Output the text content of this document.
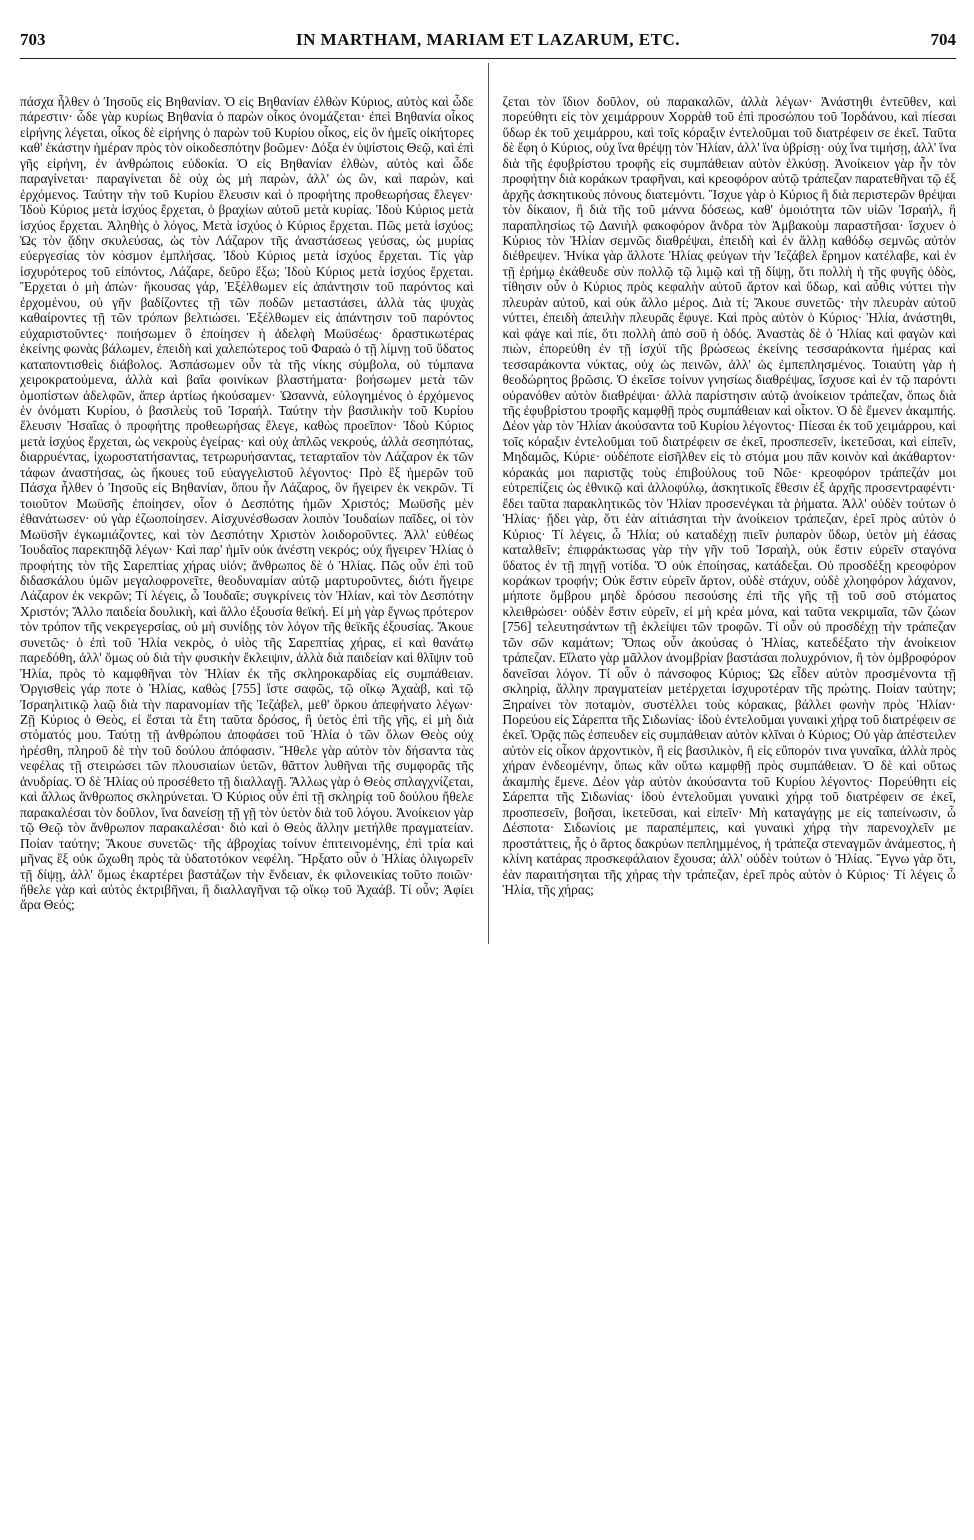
703	IN MARTHAM, MARIAM ET LAZARUM, ETC.	704

πάσχα ἦλθεν ὁ Ἰησοῦς εἰς Βηθανίαν. Ὁ εἰς Βηθανίαν ἐλθὼν Κύριος, αὐτὸς καὶ ὧδε πάρεστιν· ὧδε γὰρ κυρίως Βηθανία ὁ παρὼν οἶκος ὀνομάζεται· ἐπεὶ Βηθανία οἶκος εἰρήνης λέγεται, οἶκος δὲ εἰρήνης ὁ παρὼν τοῦ Κυρίου οἶκος, εἰς ὃν ἡμεῖς οἰκήτορες καθ' ἑκάστην ἡμέραν πρὸς τὸν οἰκοδεσπότην βοῶμεν· Δόξα ἐν ὑψίστοις Θεῷ, καὶ ἐπὶ γῆς εἰρήνη, ἐν ἀνθρώποις εὐδοκία. Ὁ εἰς Βηθανίαν ἐλθὼν, αὐτὸς καὶ ὧδε παραγίνεται· παραγίνεται δὲ οὐχ ὡς μὴ παρὼν, ἀλλ' ὡς ὢν, καὶ παρὼν, καὶ ἐρχόμενος. Ταύτην τὴν τοῦ Κυρίου ἔλευσιν καὶ ὁ προφήτης προθεωρήσας ἔλεγεν· Ἰδοὺ Κύριος μετὰ ἰσχύος ἔρχεται, ὁ βραχίων αὐτοῦ μετὰ κυρίας. Ἰδοὺ Κύριος μετὰ ἰσχύος ἔρχεται. Ἀληθὴς ὁ λόγος, Μετὰ ἰσχύος ὁ Κύριος ἔρχεται. Πῶς μετὰ ἰσχύος; Ὡς τὸν ᾅδην σκυλεύσας, ὡς τὸν Λάζαρον τῆς ἀναστάσεως γεύσας, ὡς μυρίας εὐεργεσίας τὸν κόσμον ἐμπλήσας. Ἰδοὺ Κύριος μετὰ ἰσχύος ἔρχεται. Τίς γὰρ ἰσχυρότερος τοῦ εἰπόντος, Λάζαρε, δεῦρο ἔξω; Ἰδοὺ Κύριος μετὰ ἰσχύος ἔρχεται. Ἔρχεται ὁ μὴ ἀπὼν· ἤκουσας γάρ, Ἐξέλθωμεν εἰς ἀπάντησιν τοῦ παρόντος καὶ ἐρχομένου, οὐ γῆν βαδίζοντες τῇ τῶν ποδῶν μεταστάσει, ἀλλὰ τὰς ψυχὰς καθαίροντες τῇ τῶν τρόπων βελτιώσει. Ἐξέλθωμεν εἰς ἀπάντησιν τοῦ παρόντος εὐχαριστοῦντες· ποιήσωμεν ὃ ἐποίησεν ἡ ἀδελφὴ Μωϋσέως· δραστικωτέρας ἐκείνης φωνὰς βάλωμεν, ἐπειδὴ καὶ χαλεπώτερος τοῦ Φαραὼ ὁ τῇ λίμνῃ τοῦ ὕδατος καταποντισθεὶς διάβολος. Ἀσπάσωμεν οὖν τὰ τῆς νίκης σύμβολα, οὐ τύμπανα χειροκρατούμενα, ἀλλὰ καὶ βαΐα φοινίκων βλαστήματα· βοήσωμεν μετὰ τῶν ὁμοπίστων ἀδελφῶν, ἅπερ ἀρτίως ἠκούσαμεν· Ὡσαννὰ, εὐλογημένος ὁ ἐρχόμενος ἐν ὀνόματι Κυρίου, ὁ βασιλεὺς τοῦ Ἰσραήλ. Ταύτην τὴν βασιλικὴν τοῦ Κυρίου ἔλευσιν Ἠσαΐας ὁ προφήτης προθεωρήσας ἔλεγε, καθὼς προεῖπον· Ἰδοὺ Κύριος μετὰ ἰσχύος ἔρχεται, ὡς νεκροὺς ἐγείρας· καὶ οὐχ ἁπλῶς νεκρούς, ἀλλὰ σεσηπότας, διαρρυέντας, ἰχωροστατήσαντας, τετρωρυήσαντας, τεταρταῖον τὸν Λάζαρον ἐκ τῶν τάφων ἀναστήσας, ὡς ἤκουες τοῦ εὐαγγελιστοῦ λέγοντος· Πρὸ ἓξ ἡμερῶν τοῦ Πάσχα ἦλθεν ὁ Ἰησοῦς εἰς Βηθανίαν, ὅπου ἦν Λάζαρος, ὃν ἤγειρεν ἐκ νεκρῶν. Τί τοιοῦτον Μωϋσῆς ἐποίησεν, οἷον ὁ Δεσπότης ἡμῶν Χριστός; Μωϋσῆς μὲν ἐθανάτωσεν· οὐ γὰρ ἐζωοποίησεν. Αἰσχυνέσθωσαν λοιπὸν Ἰουδαίων παῖδες, οἱ τὸν Μωϋσῆν ἐγκωμιάζοντες, καὶ τὸν Δεσπότην Χριστὸν λοιδοροῦντες. Ἀλλ' εὐθέως Ἰουδαῖος παρεκπηδᾷ λέγων· Καὶ παρ' ἡμῖν οὐκ ἀνέστη νεκρός; οὐχ ἤγειρεν Ἠλίας ὁ προφήτης τὸν τῆς Σαρεπτίας χήρας υἱόν; ἄνθρωπος δὲ ὁ Ἠλίας. Πῶς οὖν ἐπὶ τοῦ διδασκάλου ὑμῶν μεγαλοφρονεῖτε, θεοδυναμίαν αὐτῷ μαρτυροῦντες, διότι ἤγειρε Λάζαρον ἐκ νεκρῶν; Τί λέγεις, ὦ Ἰουδαῖε; συγκρίνεις τὸν Ἠλίαν, καὶ τὸν Δεσπότην Χριστόν; Ἄλλο παιδεία δουλικὴ, καὶ ἄλλο ἐξουσία θεϊκή. Εἰ μὴ γὰρ ἔγνως πρότερον τὸν τρόπον τῆς νεκρεγερσίας, οὐ μὴ συνίδῃς τὸν λόγον τῆς θεϊκῆς ἐξουσίας. Ἄκουε συνετῶς· ὁ ἐπὶ τοῦ Ἠλία νεκρὸς, ὁ υἱὸς τῆς Σαρεπτίας χήρας, εἰ καὶ θανάτῳ παρεδόθη, ἀλλ' ὅμως οὐ διὰ τὴν φυσικὴν ἔκλειψιν, ἀλλὰ διὰ παιδείαν καὶ θλῖψιν τοῦ Ἠλία, πρὸς τὸ καμφθῆναι τὸν Ἠλίαν ἐκ τῆς σκληροκαρδίας εἰς συμπάθειαν. Ὀργισθεὶς γάρ ποτε ὁ Ἠλίας, καθὼς [755] ἴστε σαφῶς, τῷ οἴκῳ Ἀχαὰβ, καὶ τῷ Ἰσραηλιτικῷ λαῷ διὰ τὴν παρανομίαν τῆς Ἰεζάβελ, μεθ' ὅρκου ἀπεφήνατο λέγων· Ζῇ Κύριος ὁ Θεὸς, εἰ ἔσται τὰ ἔτη ταῦτα δρόσος, ἢ ὑετὸς ἐπὶ τῆς γῆς, εἰ μὴ διὰ στόματός μου. Ταύτῃ τῇ ἀνθρώπου ἀποφάσει τοῦ Ἠλία ὁ τῶν ὅλων Θεὸς οὐχ ἠρέσθη, πληροῦ δὲ τὴν τοῦ δούλου ἀπόφασιν. Ἤθελε γὰρ αὐτὸν τὸν δήσαντα τὰς νεφέλας τῇ στειρώσει τῶν πλουσιαίων ὑετῶν, θᾶττον λυθῆναι τῆς συμφορᾶς τῆς ἀνυδρίας. Ὁ δὲ Ἠλίας οὐ προσέθετο τῇ διαλλαγῇ. Ἄλλως γὰρ ὁ Θεὸς σπλαγχνίζεται, καὶ ἄλλως ἄνθρωπος σκληρύνεται. Ὁ Κύριος οὖν ἐπὶ τῇ σκληρίᾳ τοῦ δούλου ἤθελε παρακαλέσαι τὸν δοῦλον, ἵνα δανείσῃ τῇ γῇ τὸν ὑετὸν διὰ τοῦ λόγου. Ἀνοίκειον γὰρ τῷ Θεῷ τὸν ἄνθρωπον παρακαλέσαι· διὸ καὶ ὁ Θεὸς ἄλλην μετήλθε πραγματείαν. Ποίαν ταύτην; Ἄκουε συνετῶς· τῆς ἀβροχίας τοίνυν ἐπιτεινομένης, ἐπὶ τρία καὶ μῆνας ἓξ οὐκ ὤχωθη πρὸς τὰ ὑδατοτόκον νεφέλη. Ἤρξατο οὖν ὁ Ἠλίας ὀλιγωρεῖν τῇ δίψῃ, ἀλλ' ὅμως ἐκαρτέρει βαστάζων τὴν ἔνδειαν, ἐκ φιλονεικίας τοῦτο ποιῶν· ἤθελε γὰρ καὶ αὐτὸς ἐκτριβῆναι, ἢ διαλλαγῆναι τῷ οἴκῳ τοῦ Ἀχαάβ. Τί οὖν; Ἀφίει ἄρα Θεός;

ζεται τὸν ἴδιον δοῦλον, οὐ παρακαλῶν, ἀλλὰ λέγων· Ἀνάστηθι ἐντεῦθεν, καὶ πορεύθητι εἰς τὸν χειμάρρουν Χορρὰθ τοῦ ἐπὶ προσώπου τοῦ Ἰορδάνου, καὶ πίεσαι ὕδωρ ἐκ τοῦ χειμάρρου, καὶ τοῖς κόραξιν ἐντελοῦμαι τοῦ διατρέφειν σε ἐκεῖ. Ταῦτα δὲ ἔφη ὁ Κύριος, οὐχ ἵνα θρέψῃ τὸν Ἠλίαν, ἀλλ' ἵνα ὑβρίσῃ· οὐχ ἵνα τιμήσῃ, ἀλλ' ἵνα διὰ τῆς ἐφυβρίστου τροφῆς εἰς συμπάθειαν αὐτὸν ἑλκύσῃ. Ἀνοίκειον γὰρ ἦν τὸν προφήτην διὰ κοράκων τραφῆναι, καὶ κρεοφόρον αὐτῷ τράπεζαν παρατεθῆναι τῷ ἐξ ἀρχῆς ἀσκητικοὺς πόνους διατεμόντι. Ἴσχυε γὰρ ὁ Κύριος ἢ διὰ περιστερῶν θρέψαι τὸν δίκαιον, ἢ διὰ τῆς τοῦ μάννα δόσεως, καθ' ὁμοιότητα τῶν υἱῶν Ἰσραήλ, ἢ παραπλησίως τῷ Δανιὴλ φακοφόρον ἄνδρα τὸν Ἀμβακοὺμ παραστῆσαι· ἴσχυεν ὁ Κύριος τὸν Ἠλίαν σεμνῶς διαθρέψαι, ἐπειδὴ καὶ ἐν ἄλλῃ καθόδῳ σεμνῶς αὐτὸν διέθρεψεν. Ἡνίκα γὰρ ἄλλοτε Ἠλίας φεύγων τὴν Ἰεζάβελ ἔρημον κατέλαβε, καὶ ἐν τῇ ἐρήμῳ ἐκάθευδε σὺν πολλῷ τῷ λιμῷ καὶ τῇ δίψῃ, ὅτι πολλὴ ἡ τῆς φυγῆς ὁδὸς, τίθησιν οὖν ὁ Κύριος πρὸς κεφαλὴν αὐτοῦ ἄρτον καὶ ὕδωρ, καὶ αὖθις νύττει τὴν πλευρὰν αὐτοῦ, καὶ οὐκ ἄλλο μέρος. Διὰ τί; Ἄκουε συνετῶς· τὴν πλευρὰν αὐτοῦ νύττει, ἐπειδὴ ἀπειλὴν πλευρᾶς ἔφυγε. Καὶ πρὸς αὐτὸν ὁ Κύριος· Ἠλία, ἀνάστηθι, καὶ φάγε καὶ πίε, ὅτι πολλὴ ἀπὸ σοῦ ἡ ὁδός. Ἀναστὰς δὲ ὁ Ἠλίας καὶ φαγὼν καὶ πιὼν, ἐπορεύθη ἐν τῇ ἰσχύϊ τῆς βρώσεως ἐκείνης τεσσαράκοντα ἡμέρας καὶ τεσσαράκοντα νύκτας, οὐχ ὡς πεινῶν, ἀλλ' ὡς ἐμπεπλησμένος. Τοιαύτη γὰρ ἡ θεοδώρητος βρῶσις. Ὁ ἐκεῖσε τοίνυν γνησίως διαθρέψας, ἴσχυσε καὶ ἐν τῷ παρόντι οὐρανόθεν αὐτὸν διαθρέψαι· ἀλλὰ παρίστησιν αὐτῷ ἀνοίκειον τράπεζαν, ὅπως διὰ τῆς ἐφυβρίστου τροφῆς καμφθῇ πρὸς συμπάθειαν καὶ οἶκτον. Ὁ δὲ ἔμενεν ἀκαμπής. Δέον γὰρ τὸν Ἠλίαν ἀκούσαντα τοῦ Κυρίου λέγοντος· Πίεσαι ἐκ τοῦ χειμάρρου, καὶ τοῖς κόραξιν ἐντελοῦμαι τοῦ διατρέφειν σε ἐκεῖ, προσπεσεῖν, ἱκετεῦσαι, καὶ εἰπεῖν, Μηδαμῶς, Κύριε· οὐδέποτε εἰσῆλθεν εἰς τὸ στόμα μου πᾶν κοινὸν καὶ ἀκάθαρτον· κόρακάς μοι παριστᾷς τοὺς ἐπιβούλους τοῦ Νῶε· κρεοφόρον τράπεζάν μοι εὐτρεπίζεις ὡς ἐθνικῷ καὶ ἀλλοφύλῳ, ἀσκητικοῖς ἔθεσιν ἐξ ἀρχῆς προσεντραφέντι· ἔδει ταῦτα παρακλητικῶς τὸν Ἠλίαν προσενέγκαι τὰ ῥήματα. Ἀλλ' οὐδὲν τούτων ὁ Ἠλίας· ᾔδει γὰρ, ὅτι ἐὰν αἰτιάσηται τὴν ἀνοίκειον τράπεζαν, ἐρεῖ πρὸς αὐτὸν ὁ Κύριος· Τί λέγεις, ὦ Ἠλία; οὐ καταδέχῃ πιεῖν ῥυπαρὸν ὕδωρ, ὑετὸν μὴ ἐάσας καταλθεῖν; ἐπιφράκτωσας γὰρ τὴν γῆν τοῦ Ἰσραὴλ, οὐκ ἔστιν εὑρεῖν σταγόνα ὕδατος ἐν τῇ πηγῇ νοτίδα. Ὅ οὐκ ἐποίησας, κατάδεξαι. Οὐ προσδέξῃ κρεοφόρον κοράκων τροφήν; Οὐκ ἔστιν εὑρεῖν ἄρτον, οὐδὲ στάχυν, οὐδὲ χλοηφόρον λάχανον, μήποτε ὄμβρου μηδὲ δρόσου πεσούσης ἐπὶ τῆς γῆς τῇ τοῦ σοῦ στόματος κλειθρώσει· οὐδὲν ἔστιν εὑρεῖν, εἰ μὴ κρέα μόνα, καὶ ταῦτα νεκριμαῖα, τῶν ζώων [756] τελευτησάντων τῇ ἐκλείψει τῶν τροφῶν. Τί οὖν οὐ προσδέχῃ τὴν τράπεζαν τῶν σῶν καμάτων; Ὅπως οὖν ἀκούσας ὁ Ἠλίας, κατεδέξατο τὴν ἀνοίκειον τράπεζαν. Εἵλατο γὰρ μᾶλλον ἀνομβρίαν βαστάσαι πολυχρόνιον, ἢ τὸν ὀμβροφόρον δανεῖσαι λόγον. Τί οὖν ὁ πάνσοφος Κύριος; Ὡς εἶδεν αὐτὸν προσμένοντα τῇ σκληρίᾳ, ἄλλην πραγματείαν μετέρχεται ἰσχυροτέραν τῆς πρώτης. Ποίαν ταύτην; Ξηραίνει τὸν ποταμὸν, συστέλλει τοὺς κόρακας, βάλλει φωνὴν πρὸς Ἠλίαν· Πορεύου εἰς Σάρεπτα τῆς Σιδωνίας· ἰδοὺ ἐντελοῦμαι γυναικὶ χήρᾳ τοῦ διατρέφειν σε ἐκεῖ. Ὁρᾷς πῶς ἐσπευδεν εἰς συμπάθειαν αὐτὸν κλῖναι ὁ Κύριος; Οὐ γὰρ ἀπέστειλεν αὐτὸν εἰς οἶκον ἀρχοντικὸν, ἢ εἰς βασιλικὸν, ἢ εἰς εὔπορόν τινα γυναῖκα, ἀλλὰ πρὸς χήραν ἐνδεομένην, ὅπως κἂν οὕτω καμφθῇ πρὸς συμπάθειαν. Ὁ δὲ καὶ οὕτως ἀκαμπὴς ἔμενε. Δέον γὰρ αὐτὸν ἀκούσαντα τοῦ Κυρίου λέγοντος· Πορεύθητι εἰς Σάρεπτα τῆς Σιδωνίας· ἰδοὺ ἐντελοῦμαι γυναικὶ χήρᾳ τοῦ διατρέφειν σε ἐκεῖ, προσπεσεῖν, βοῆσαι, ἱκετεῦσαι, καὶ εἰπεῖν· Μὴ καταγάγῃς με εἰς ταπείνωσιν, ὦ Δέσποτα· Σιδωνίοις με παραπέμπεις, καὶ γυναικὶ χήρᾳ τὴν παρενοχλεῖν με προστάττεις, ἧς ὁ ἄρτος δακρύων πεπλημμένος, ἡ τράπεζα στεναγμῶν ἀνάμεστος, ἡ κλίνη κατάρας προσκεφάλαιον ἔχουσα; ἀλλ' οὐδὲν τούτων ὁ Ἠλίας. Ἔγνω γὰρ ὅτι, ἐὰν παραιτήσηται τῆς χήρας τὴν τράπεζαν, ἐρεῖ πρὸς αὐτὸν ὁ Κύριος· Τί λέγεις ὦ Ἠλία, τῆς χήρας;
